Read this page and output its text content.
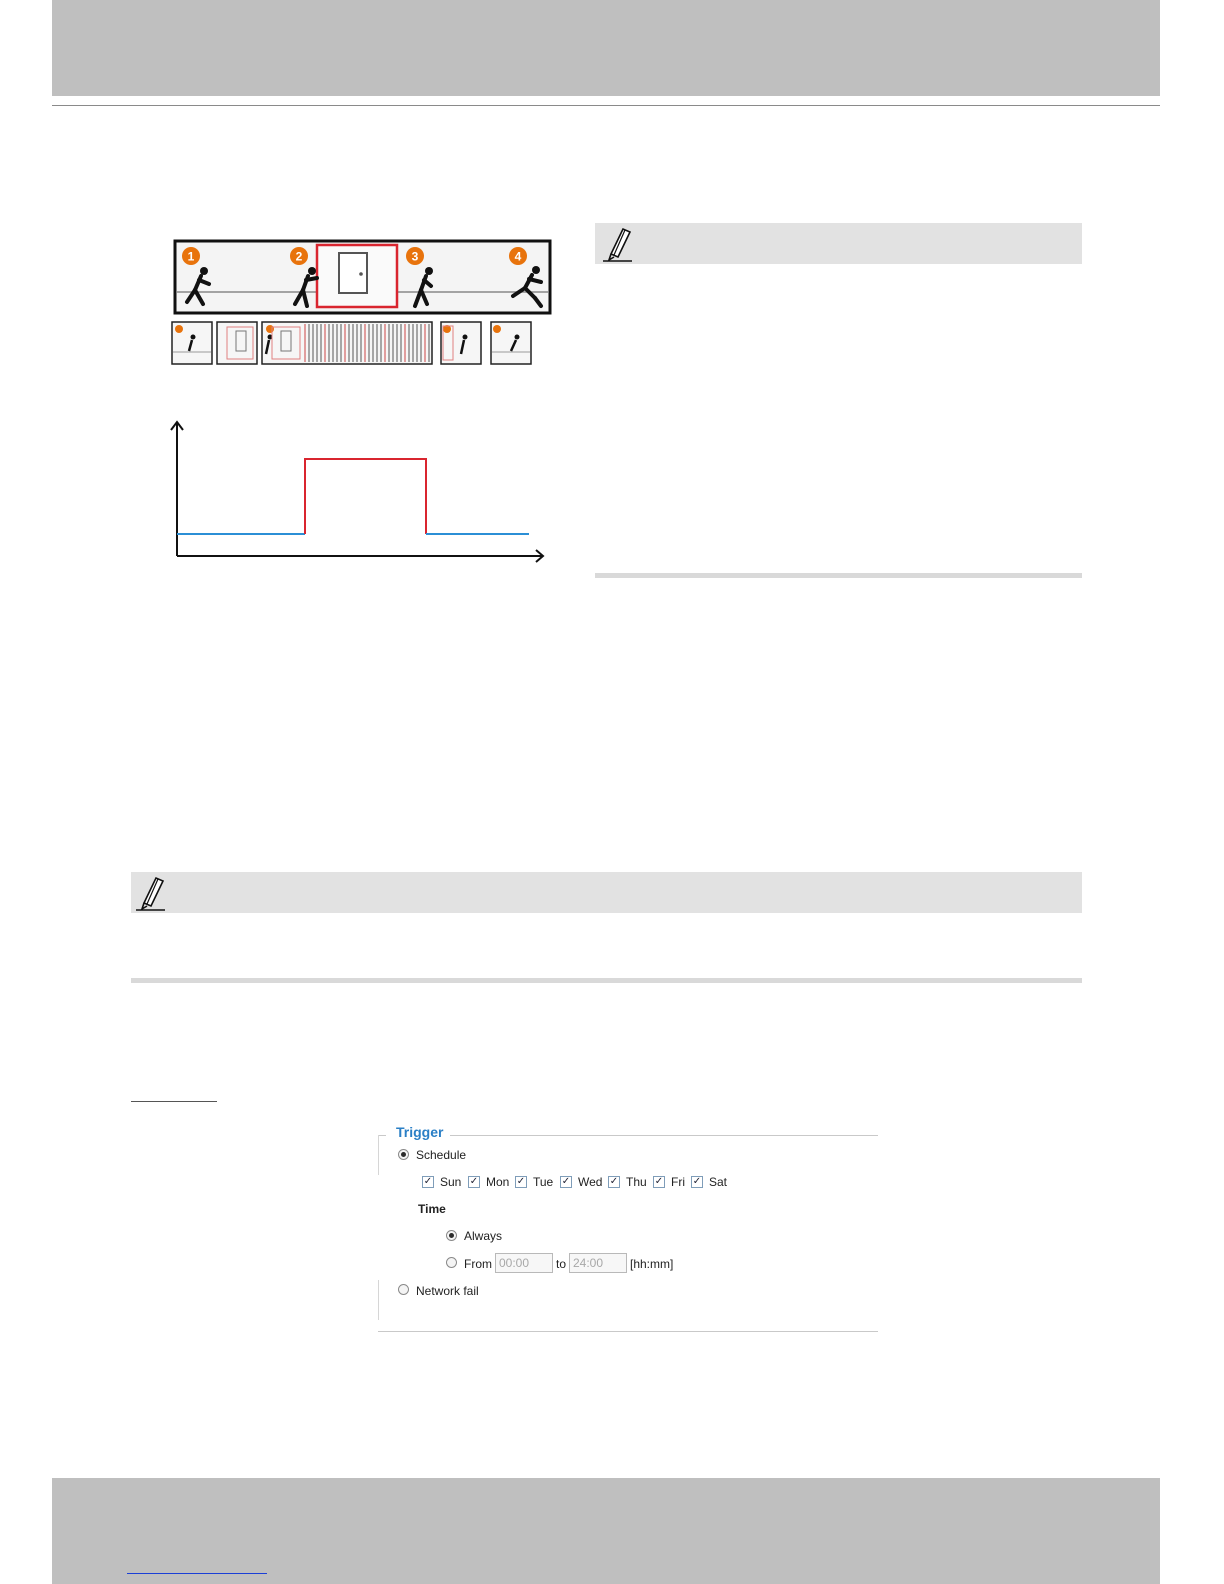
1	2	3	4
Trigger
Schedule
✓ Sun ✓ Mon ✓ Tue ✓ Wed ✓ Thu ✓ Fri ✓ Sat
Time
Always
From
00:00	to
24:00	[hh:mm]
Network fail
